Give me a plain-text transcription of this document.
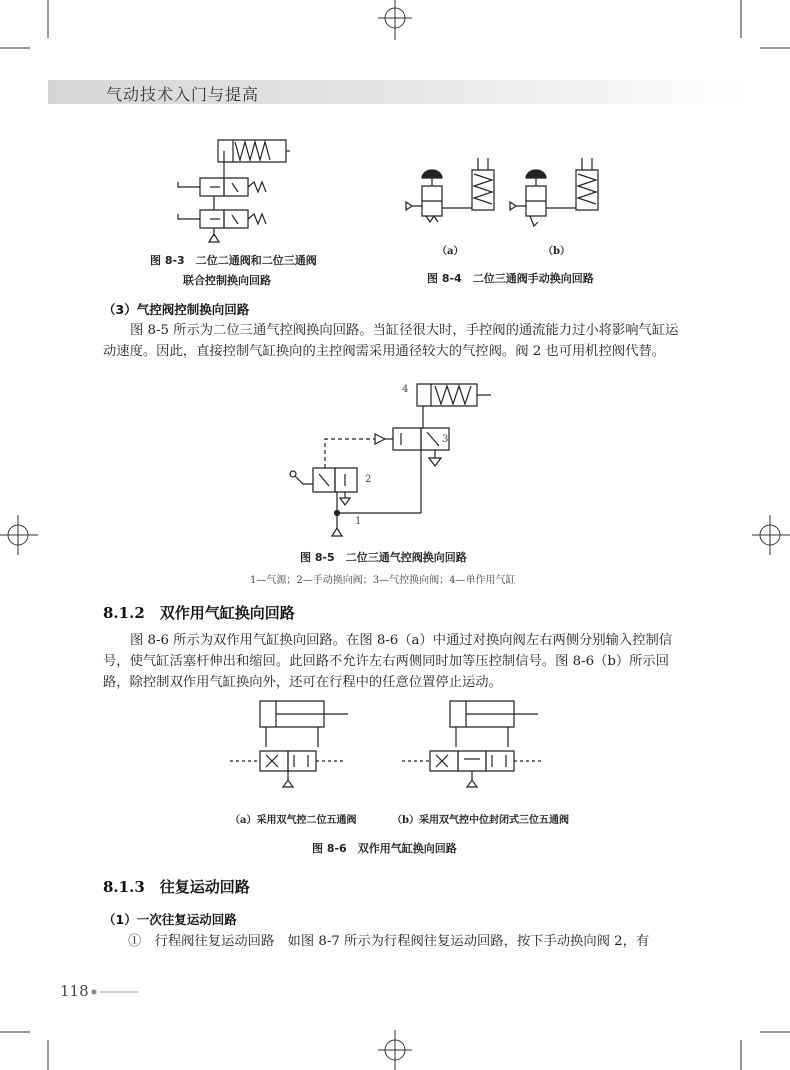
气动技术入门与提高
图 8-3　二位二通阀和二位三通阀
联合控制换向回路
（a）	（b）
图 8-4　二位三通阀手动换向回路
（3）气控阀控制换向回路
图 8-5 所示为二位三通气控阀换向回路。当缸径很大时，手控阀的通流能力过小将影响气缸运动速度。因此，直接控制气缸换向的主控阀需采用通径较大的气控阀。阀 2 也可用机控阀代替。
4
3
2
1
图 8-5　二位三通气控阀换向回路
1—气源；2—手动换向阀；3—气控换向阀；4—单作用气缸
8.1.2　双作用气缸换向回路
图 8-6 所示为双作用气缸换向回路。在图 8-6（a）中通过对换向阀左右两侧分别输入控制信号，使气缸活塞杆伸出和缩回。此回路不允许左右两侧同时加等压控制信号。图 8-6（b）所示回路，除控制双作用气缸换向外，还可在行程中的任意位置停止运动。
（a）采用双气控二位五通阀	（b）采用双气控中位封闭式三位五通阀
图 8-6　双作用气缸换向回路
8.1.3　往复运动回路
（1）一次往复运动回路
①　行程阀往复运动回路　如图 8-7 所示为行程阀往复运动回路，按下手动换向阀 2，有
118
